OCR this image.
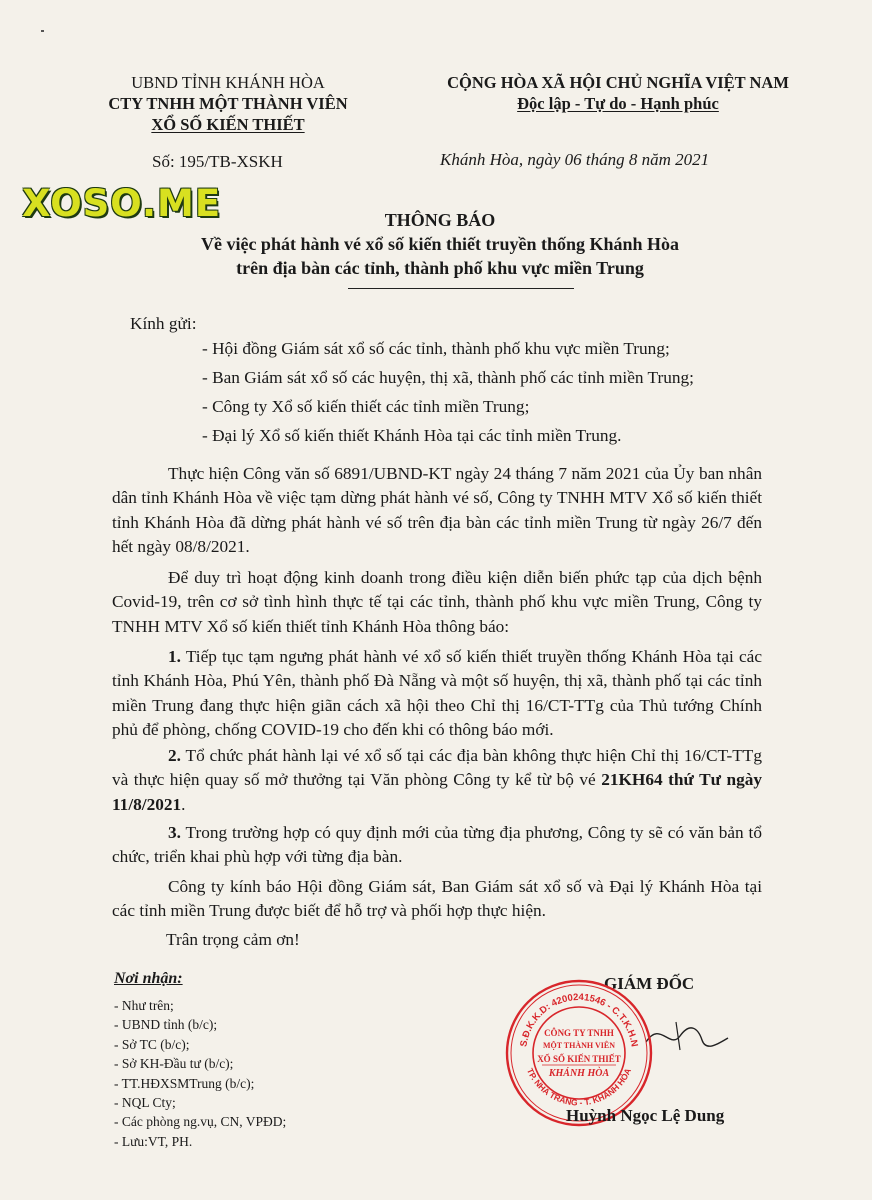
UBND TỈNH KHÁNH HÒA
CTY TNHH MỘT THÀNH VIÊN
XỔ SỐ KIẾN THIẾT
CỘNG HÒA XÃ HỘI CHỦ NGHĨA VIỆT NAM
Độc lập - Tự do - Hạnh phúc
Số: 195/TB-XSKH	Khánh Hòa, ngày 06 tháng 8 năm 2021
XOSO.ME	THÔNG BÁO
Về việc phát hành vé xổ số kiến thiết truyền thống Khánh Hòa
trên địa bàn các tỉnh, thành phố khu vực miền Trung
Kính gửi:
- Hội đồng Giám sát xổ số các tỉnh, thành phố khu vực miền Trung;
- Ban Giám sát xổ số các huyện, thị xã, thành phố các tỉnh miền Trung;
- Công ty Xổ số kiến thiết các tỉnh miền Trung;
- Đại lý Xổ số kiến thiết Khánh Hòa tại các tỉnh miền Trung.
Thực hiện Công văn số 6891/UBND-KT ngày 24 tháng 7 năm 2021 của Ủy ban nhân dân tỉnh Khánh Hòa về việc tạm dừng phát hành vé số, Công ty TNHH MTV Xổ số kiến thiết tỉnh Khánh Hòa đã dừng phát hành vé số trên địa bàn các tỉnh miền Trung từ ngày 26/7 đến hết ngày 08/8/2021.
Để duy trì hoạt động kinh doanh trong điều kiện diễn biến phức tạp của dịch bệnh Covid-19, trên cơ sở tình hình thực tế tại các tỉnh, thành phố khu vực miền Trung, Công ty TNHH MTV Xổ số kiến thiết tỉnh Khánh Hòa thông báo:
1. Tiếp tục tạm ngưng phát hành vé xổ số kiến thiết truyền thống Khánh Hòa tại các tỉnh Khánh Hòa, Phú Yên, thành phố Đà Nẵng và một số huyện, thị xã, thành phố tại các tỉnh miền Trung đang thực hiện giãn cách xã hội theo Chỉ thị 16/CT-TTg của Thủ tướng Chính phủ để phòng, chống COVID-19 cho đến khi có thông báo mới.
2. Tổ chức phát hành lại vé xổ số tại các địa bàn không thực hiện Chỉ thị 16/CT-TTg và thực hiện quay số mở thưởng tại Văn phòng Công ty kể từ bộ vé 21KH64 thứ Tư ngày 11/8/2021.
3. Trong trường hợp có quy định mới của từng địa phương, Công ty sẽ có văn bản tổ chức, triển khai phù hợp với từng địa bàn.
Công ty kính báo Hội đồng Giám sát, Ban Giám sát xổ số và Đại lý Khánh Hòa tại các tỉnh miền Trung được biết để hỗ trợ và phối hợp thực hiện.
Trân trọng cảm ơn!
Nơi nhận:
- Như trên;
- UBND tỉnh (b/c);
- Sở TC (b/c);
- Sở KH-Đầu tư (b/c);
- TT.HĐXSMTrung (b/c);
- NQL Cty;
- Các phòng ng.vụ, CN, VPĐD;
- Lưu:VT, PH.
GIÁM ĐỐC
S.Đ.K.K.D: 4200241546 - C.T.K.H.N
TP. NHA TRANG - T. KHÁNH HÒA
CÔNG TY TNHH
MỘT THÀNH VIÊN
XỔ SỐ KIẾN THIẾT
KHÁNH HÒA
Huỳnh Ngọc Lệ Dung
